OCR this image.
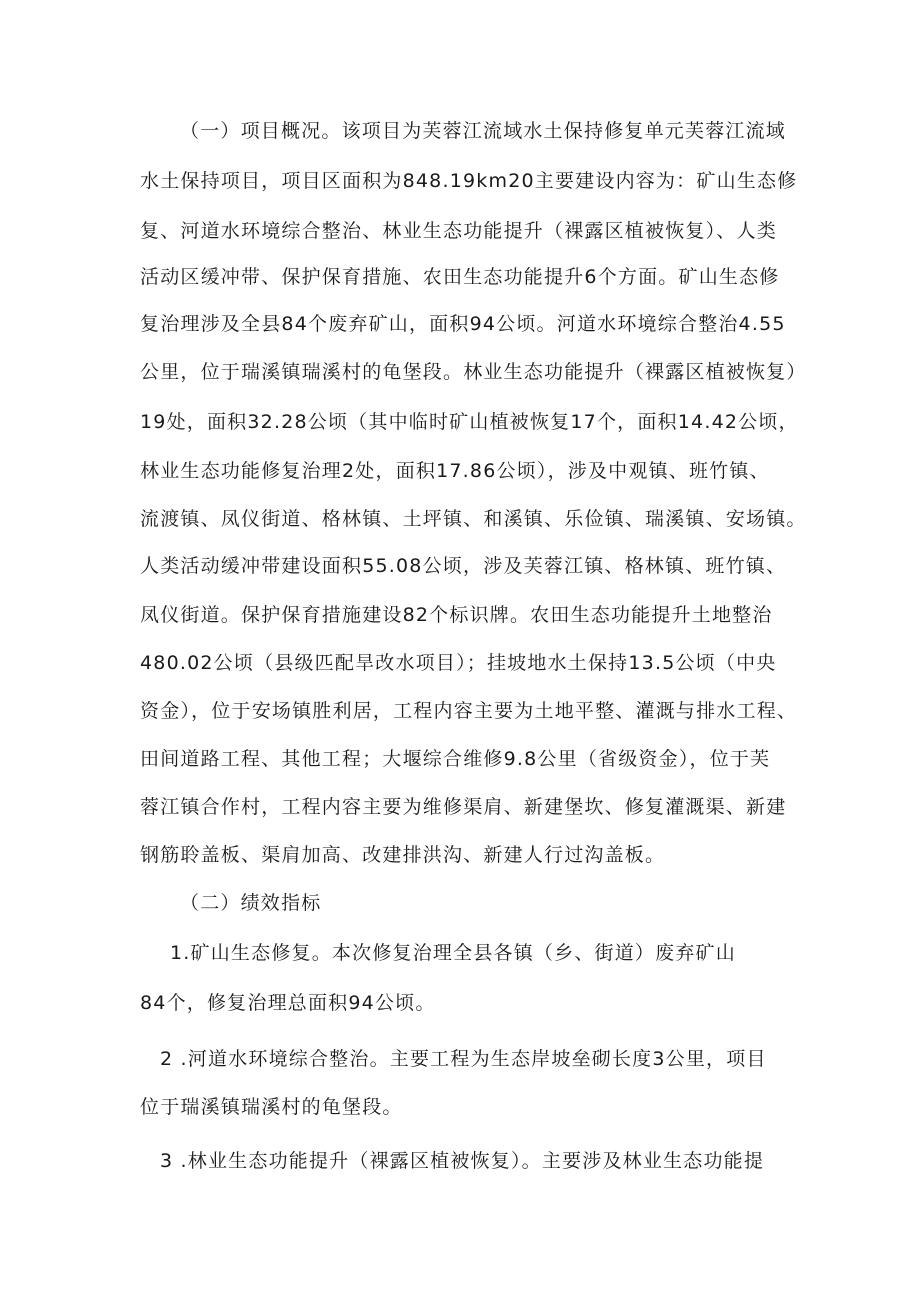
（一）项目概况。该项目为芙蓉江流域水土保持修复单元芙蓉江流域
水土保持项目，项目区面积为848.19km20主要建设内容为：矿山生态修
复、河道水环境综合整治、林业生态功能提升（裸露区植被恢复）、人类
活动区缓冲带、保护保育措施、农田生态功能提升6个方面。矿山生态修
复治理涉及全县84个废弃矿山，面积94公顷。河道水环境综合整治4.55
公里，位于瑞溪镇瑞溪村的龟堡段。林业生态功能提升（裸露区植被恢复）
19处，面积32.28公顷（其中临时矿山植被恢复17个，面积14.42公顷，
林业生态功能修复治理2处，面积17.86公顷），涉及中观镇、班竹镇、
流渡镇、凤仪街道、格林镇、土坪镇、和溪镇、乐俭镇、瑞溪镇、安场镇。
人类活动缓冲带建设面积55.08公顷，涉及芙蓉江镇、格林镇、班竹镇、
凤仪街道。保护保育措施建设82个标识牌。农田生态功能提升土地整治
480.02公顷（县级匹配旱改水项目）；挂坡地水土保持13.5公顷（中央
资金），位于安场镇胜利居，工程内容主要为土地平整、灌溉与排水工程、
田间道路工程、其他工程；大堰综合维修9.8公里（省级资金），位于芙
蓉江镇合作村，工程内容主要为维修渠肩、新建堡坎、修复灌溉渠、新建
钢筋聆盖板、渠肩加高、改建排洪沟、新建人行过沟盖板。
（二）绩效指标
1.矿山生态修复。本次修复治理全县各镇（乡、街道）废弃矿山
84个，修复治理总面积94公顷。
2 .河道水环境综合整治。主要工程为生态岸坡垒砌长度3公里，项目
位于瑞溪镇瑞溪村的龟堡段。
3 .林业生态功能提升（裸露区植被恢复）。主要涉及林业生态功能提
